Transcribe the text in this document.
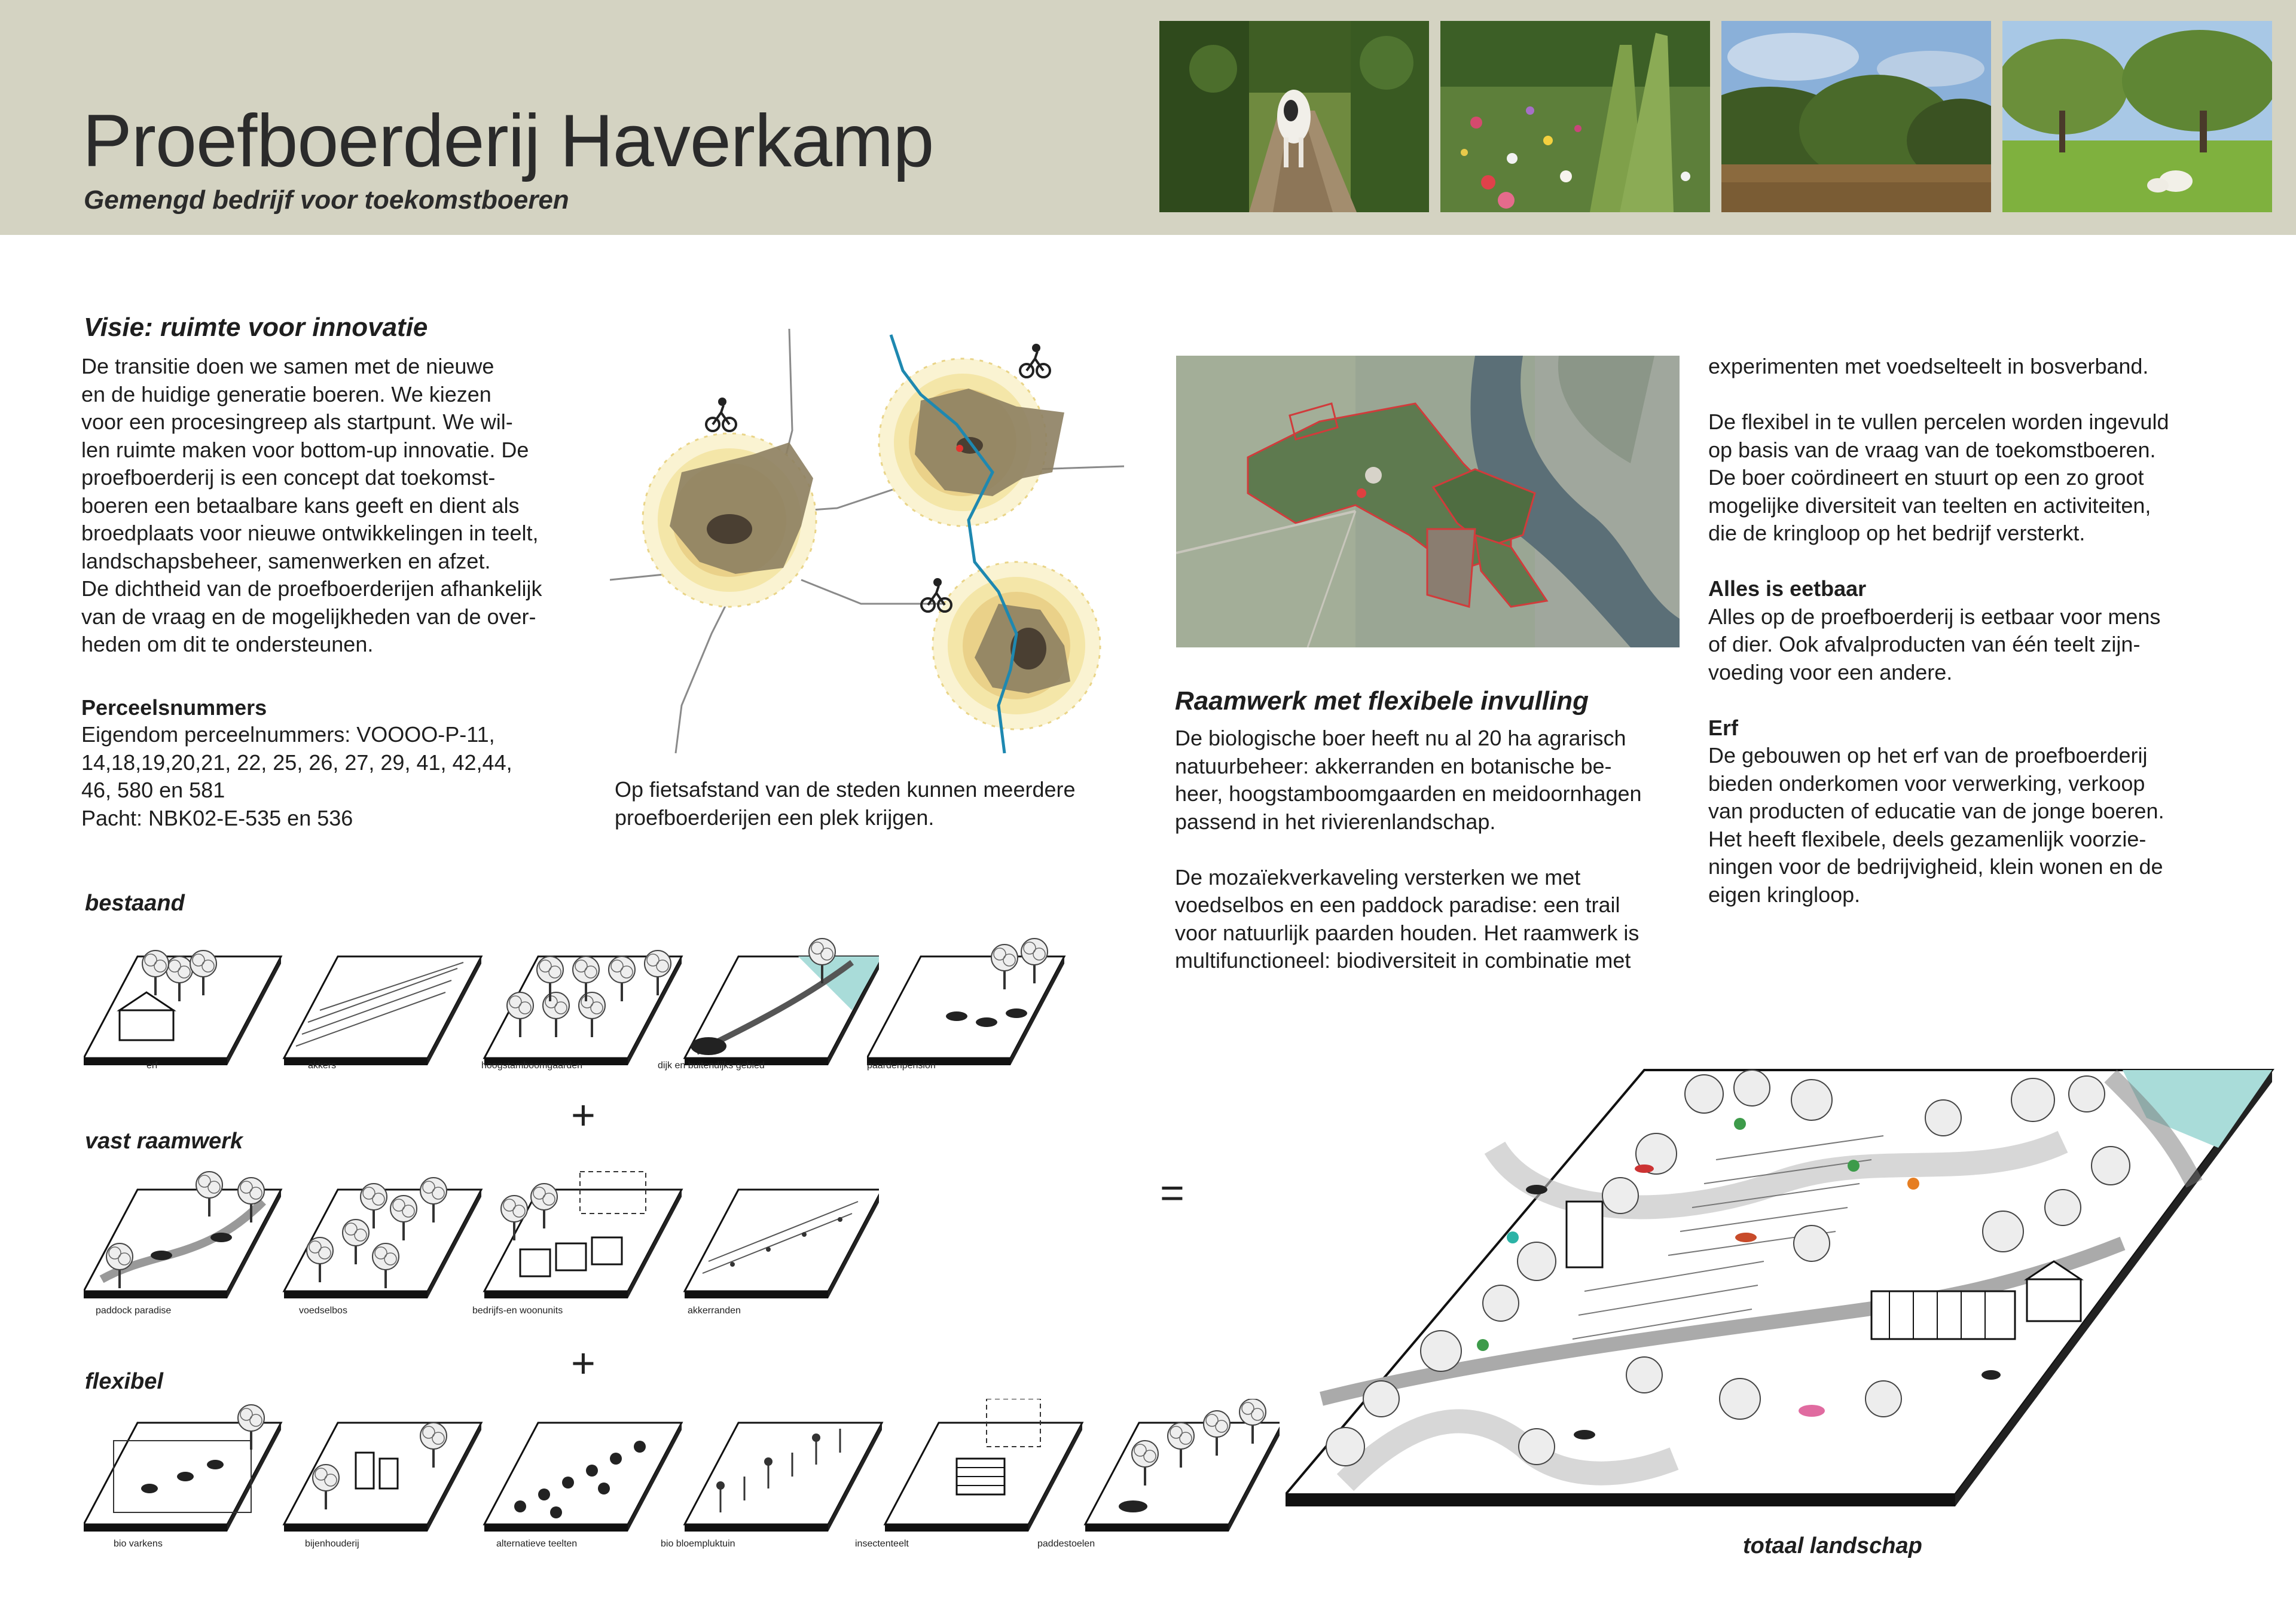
Proefboerderij Haverkamp
Gemengd bedrijf voor toekomstboeren
Visie: ruimte voor innovatie
De transitie doen we samen met de nieuwe
en de huidige generatie boeren. We kiezen
voor een procesingreep als startpunt. We wil-
len ruimte maken voor bottom-up innovatie. De
proefboerderij is een concept dat toekomst-
boeren een betaalbare kans geeft en dient als
broedplaats voor nieuwe ontwikkelingen in teelt,
landschapsbeheer, samenwerken en afzet.
De dichtheid van de proefboerderijen afhankelijk
van de vraag en de mogelijkheden van de over-
heden om dit te ondersteunen.
Perceelsnummers
Eigendom perceelnummers: VOOOO-P-11,
14,18,19,20,21, 22, 25, 26, 27, 29, 41, 42,44,
46, 580 en 581
Pacht: NBK02-E-535 en 536
Op fietsafstand van de steden kunnen meerdere
proefboerderijen een plek krijgen.
Raamwerk met flexibele invulling
De biologische boer heeft nu al 20 ha agrarisch
natuurbeheer: akkerranden en botanische be-
heer, hoogstamboomgaarden en meidoornhagen
passend in het rivierenlandschap.
De mozaïekverkaveling versterken we met
voedselbos en een paddock paradise: een trail
voor natuurlijk paarden houden. Het raamwerk is
multifunctioneel: biodiversiteit in combinatie met
experimenten met voedselteelt in bosverband.
De flexibel in te vullen percelen worden ingevuld
op basis van de vraag van de toekomstboeren.
De boer coördineert en stuurt op een zo groot
mogelijke diversiteit van teelten en activiteiten,
die de kringloop op het bedrijf versterkt.
Alles is eetbaar
Alles op de proefboerderij is eetbaar voor mens
of dier. Ook afvalproducten van één teelt zijn-
voeding voor een andere.
Erf
De gebouwen op het erf van de proefboerderij
bieden onderkomen voor verwerking, verkoop
van producten of educatie van de jonge boeren.
Het heeft flexibele, deels gezamenlijk voorzie-
ningen voor de bedrijvigheid, klein wonen en de
eigen kringloop.
bestaand
vast raamwerk
flexibel
+
+
=
erf	akkers	hoogstamboomgaarden	dijk en buitendijks gebied	paardenpension
paddock paradise	voedselbos	bedrijfs-en woonunits	akkerranden
bio varkens	bijenhouderij	alternatieve teelten	bio bloempluktuin	insectenteelt	paddestoelen	totaal landschap
